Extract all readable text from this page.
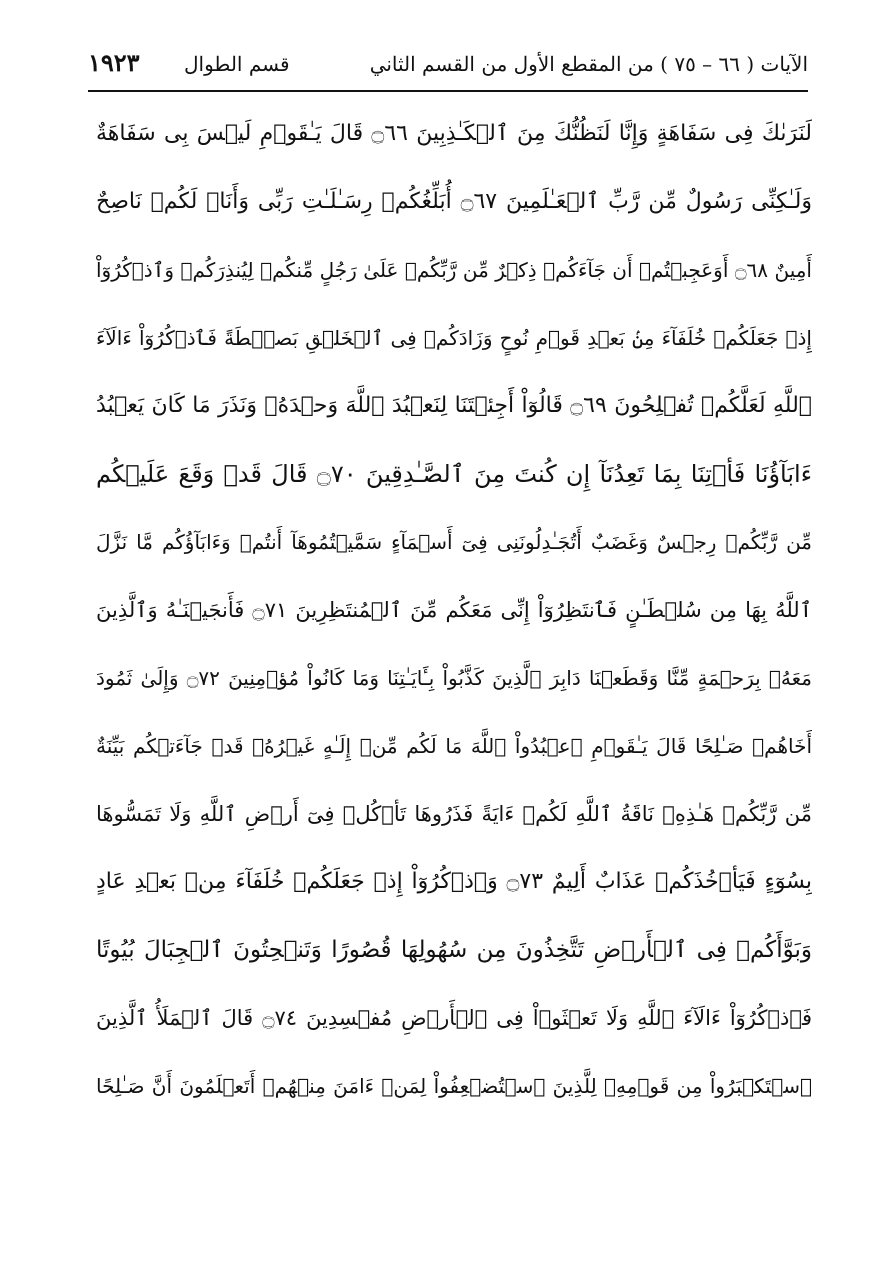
الآيات ( ٦٦ – ٧٥ ) من المقطع الأول من القسم الثاني
قسم الطوال
١٩٢٣
لَنَرَىٰكَ فِى سَفَاهَةٍ وَإِنَّا لَنَظُنُّكَ مِنَ ٱلۡكَـٰذِبِينَ ۝٦٦ قَالَ يَـٰقَوۡمِ لَيۡسَ بِى سَفَاهَةٌ
وَلَـٰكِنِّى رَسُولٌ مِّن رَّبِّ ٱلۡعَـٰلَمِينَ ۝٦٧ أُبَلِّغُكُمۡ رِسَـٰلَـٰتِ رَبِّى وَأَنَا۠ لَكُمۡ نَاصِحٌ
أَمِينٌ ۝٦٨ أَوَعَجِبۡتُمۡ أَن جَآءَكُمۡ ذِكۡرٌ مِّن رَّبِّكُمۡ عَلَىٰ رَجُلٍ مِّنكُمۡ لِيُنذِرَكُمۡ وَٱذۡكُرُوٓاْ
إِذۡ جَعَلَكُمۡ خُلَفَآءَ مِنۢ بَعۡدِ قَوۡمِ نُوحٍ وَزَادَكُمۡ فِى ٱلۡخَلۡقِ بَصۜۡطَةً فَٱذۡكُرُوٓاْ ءَالَآءَ
ٱللَّهِ لَعَلَّكُمۡ تُفۡلِحُونَ ۝٦٩ قَالُوٓاْ أَجِئۡتَنَا لِنَعۡبُدَ ٱللَّهَ وَحۡدَهُۥ وَنَذَرَ مَا كَانَ يَعۡبُدُ
ءَابَآؤُنَا فَأۡتِنَا بِمَا تَعِدُنَآ إِن كُنتَ مِنَ ٱلصَّـٰدِقِينَ ۝٧٠ قَالَ قَدۡ وَقَعَ عَلَيۡكُم
مِّن رَّبِّكُمۡ رِجۡسٌ وَغَضَبٌ أَتُجَـٰدِلُونَنِى فِىٓ أَسۡمَآءٍ سَمَّيۡتُمُوهَآ أَنتُمۡ وَءَابَآؤُكُم مَّا نَزَّلَ
ٱللَّهُ بِهَا مِن سُلۡطَـٰنٍ فَٱنتَظِرُوٓاْ إِنِّى مَعَكُم مِّنَ ٱلۡمُنتَظِرِينَ ۝٧١ فَأَنجَيۡنَـٰهُ وَٱلَّذِينَ
مَعَهُۥ بِرَحۡمَةٍ مِّنَّا وَقَطَعۡنَا دَابِرَ ٱلَّذِينَ كَذَّبُواْ بِـَٔايَـٰتِنَا وَمَا كَانُواْ مُؤۡمِنِينَ ۝٧٢ وَإِلَىٰ ثَمُودَ
أَخَاهُمۡ صَـٰلِحًا قَالَ يَـٰقَوۡمِ ٱعۡبُدُواْ ٱللَّهَ مَا لَكُم مِّنۡ إِلَـٰهٍ غَيۡرُهُۥ قَدۡ جَآءَتۡكُم بَيِّنَةٌ
مِّن رَّبِّكُمۡ هَـٰذِهِۦ نَاقَةُ ٱللَّهِ لَكُمۡ ءَايَةً فَذَرُوهَا تَأۡكُلۡ فِىٓ أَرۡضِ ٱللَّهِ وَلَا تَمَسُّوهَا
بِسُوٓءٍ فَيَأۡخُذَكُمۡ عَذَابٌ أَلِيمٌ ۝٧٣ وَٱذۡكُرُوٓاْ إِذۡ جَعَلَكُمۡ خُلَفَآءَ مِنۢ بَعۡدِ عَادٍ
وَبَوَّأَكُمۡ فِى ٱلۡأَرۡضِ تَتَّخِذُونَ مِن سُهُولِهَا قُصُورًا وَتَنۡحِتُونَ ٱلۡجِبَالَ بُيُوتًا
فَٱذۡكُرُوٓاْ ءَالَآءَ ٱللَّهِ وَلَا تَعۡثَوۡاْ فِى ٱلۡأَرۡضِ مُفۡسِدِينَ ۝٧٤ قَالَ ٱلۡمَلَأُ ٱلَّذِينَ
ٱسۡتَكۡبَرُواْ مِن قَوۡمِهِۦ لِلَّذِينَ ٱسۡتُضۡعِفُواْ لِمَنۡ ءَامَنَ مِنۡهُمۡ أَتَعۡلَمُونَ أَنَّ صَـٰلِحًا
